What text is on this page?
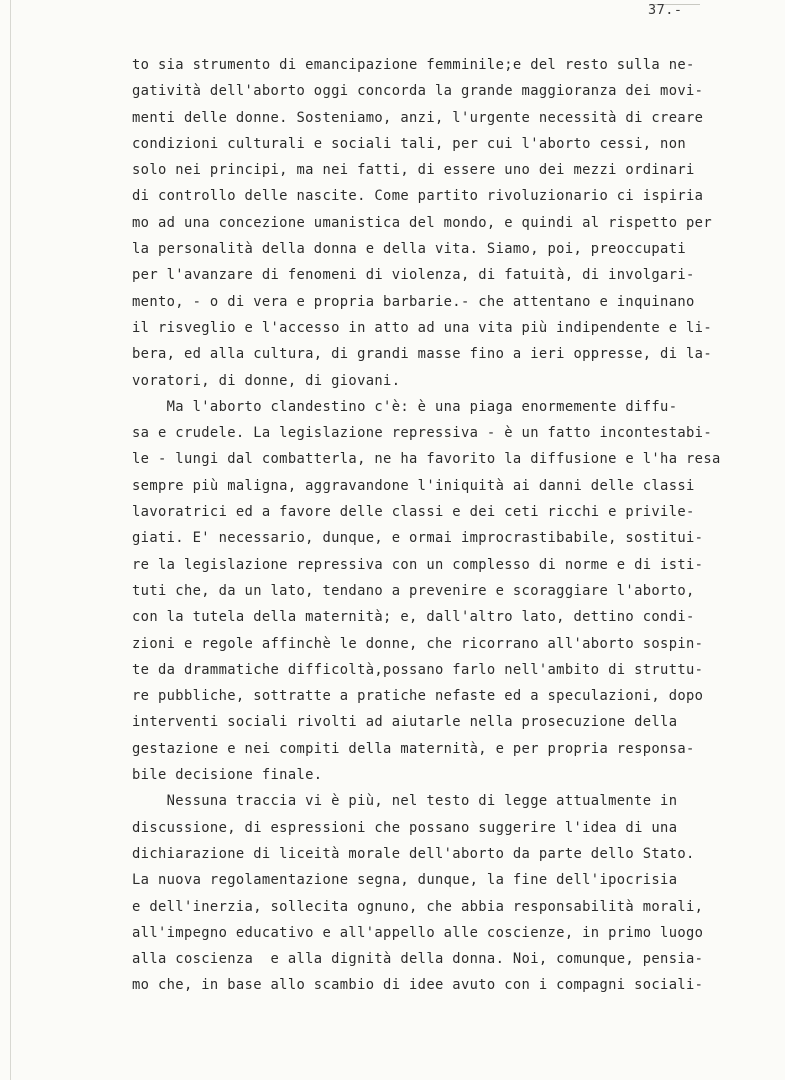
37.-
to sia strumento di emancipazione femminile;e del resto sulla ne-
gatività dell'aborto oggi concorda la grande maggioranza dei movi-
menti delle donne. Sosteniamo, anzi, l'urgente necessità di creare
condizioni culturali e sociali tali, per cui l'aborto cessi, non
solo nei principi, ma nei fatti, di essere uno dei mezzi ordinari
di controllo delle nascite. Come partito rivoluzionario ci ispiria
mo ad una concezione umanistica del mondo, e quindi al rispetto per
la personalità della donna e della vita. Siamo, poi, preoccupati
per l'avanzare di fenomeni di violenza, di fatuità, di involgari-
mento, - o di vera e propria barbarie.- che attentano e inquinano
il risveglio e l'accesso in atto ad una vita più indipendente e li-
bera, ed alla cultura, di grandi masse fino a ieri oppresse, di la-
voratori, di donne, di giovani.
Ma l'aborto clandestino c'è: è una piaga enormemente diffu-
sa e crudele. La legislazione repressiva - è un fatto incontestabi-
le - lungi dal combatterla, ne ha favorito la diffusione e l'ha resa
sempre più maligna, aggravandone l'iniquità ai danni delle classi
lavoratrici ed a favore delle classi e dei ceti ricchi e privile-
giati. E' necessario, dunque, e ormai improcrastibabile, sostitui-
re la legislazione repressiva con un complesso di norme e di isti-
tuti che, da un lato, tendano a prevenire e scoraggiare l'aborto,
con la tutela della maternità; e, dall'altro lato, dettino condi-
zioni e regole affinchè le donne, che ricorrano all'aborto sospin-
te da drammatiche difficoltà,possano farlo nell'ambito di struttu-
re pubbliche, sottratte a pratiche nefaste ed a speculazioni, dopo
interventi sociali rivolti ad aiutarle nella prosecuzione della
gestazione e nei compiti della maternità, e per propria responsa-
bile decisione finale.
Nessuna traccia vi è più, nel testo di legge attualmente in
discussione, di espressioni che possano suggerire l'idea di una
dichiarazione di liceità morale dell'aborto da parte dello Stato.
La nuova regolamentazione segna, dunque, la fine dell'ipocrisia
e dell'inerzia, sollecita ognuno, che abbia responsabilità morali,
all'impegno educativo e all'appello alle coscienze, in primo luogo
alla coscienza  e alla dignità della donna. Noi, comunque, pensia-
mo che, in base allo scambio di idee avuto con i compagni sociali-
